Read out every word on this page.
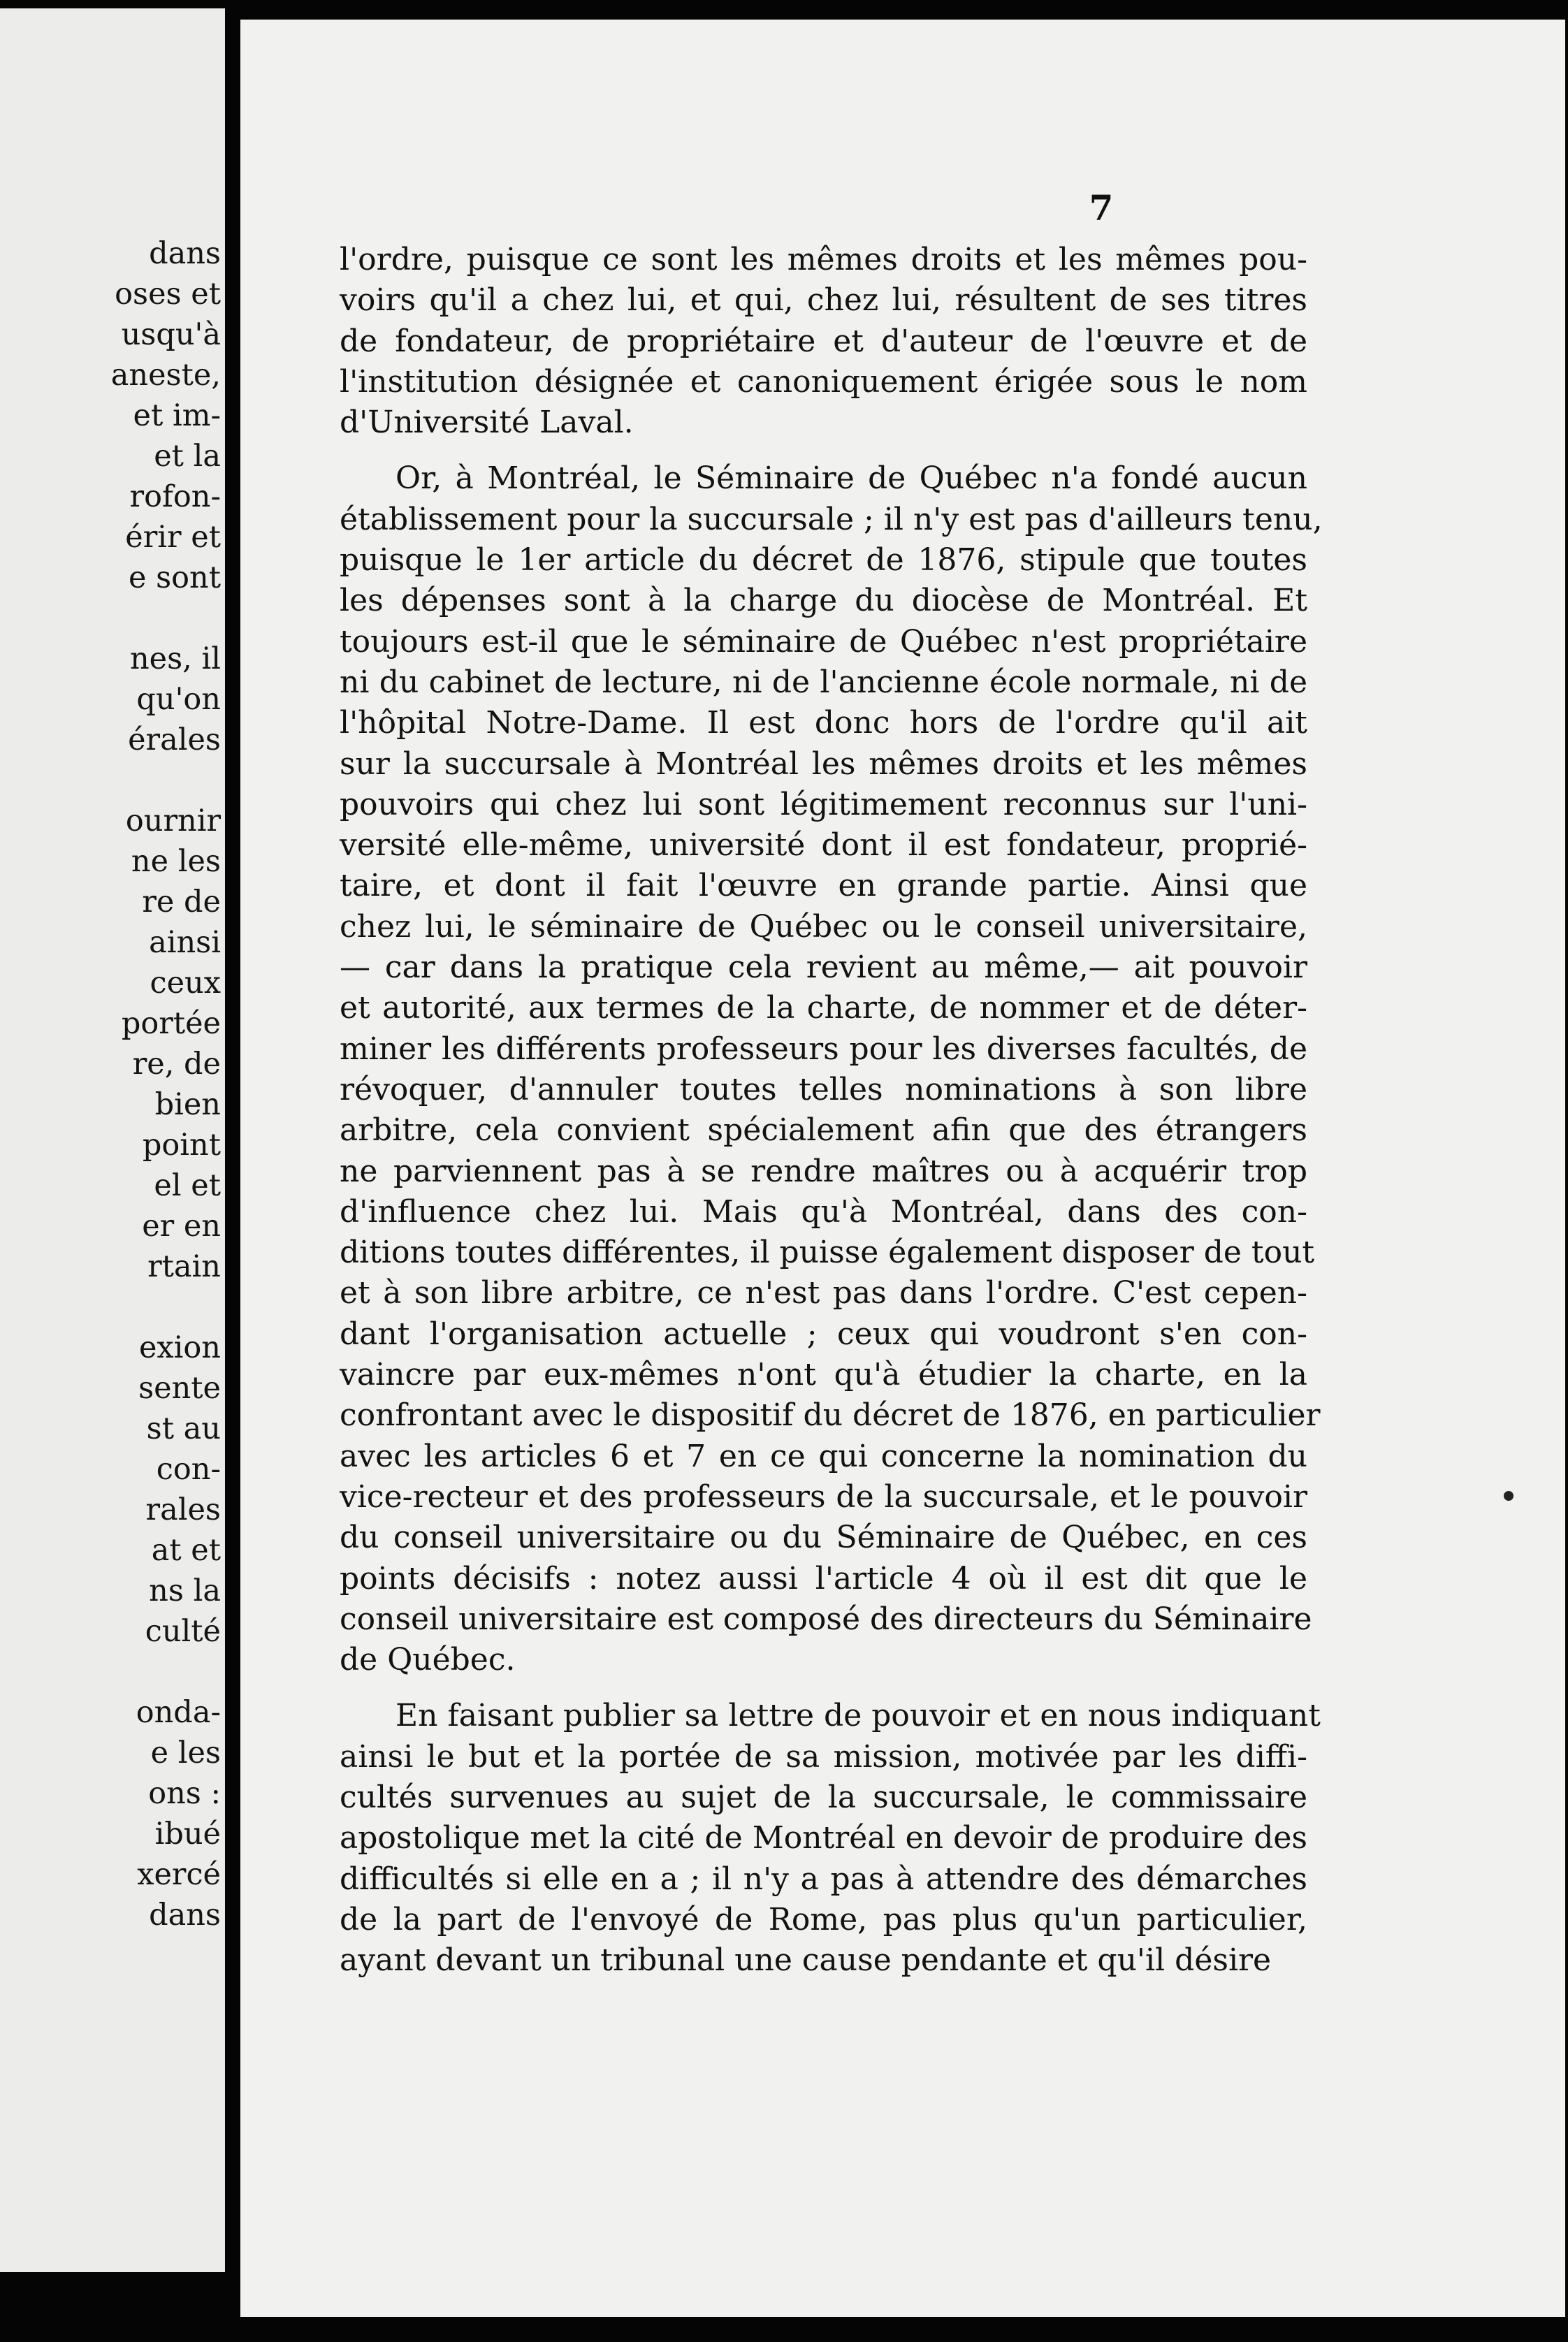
dans
oses et
usqu'à
aneste,
et im-
et la
rofon-
érir et
e sont
nes, il
qu'on
érales
ournir
ne les
re de
ainsi
ceux
portée
re, de
bien
point
el et
er en
rtain
exion
sente
st au
con-
rales
at et
ns la
culté
onda-
e les
ons :
ibué
xercé
dans
7
l'ordre, puisque ce sont les mêmes droits et les mêmes pou-
voirs qu'il a chez lui, et qui, chez lui, résultent de ses titres
de fondateur, de propriétaire et d'auteur de l'œuvre et de
l'institution désignée et canoniquement érigée sous le nom
d'Université Laval.
Or, à Montréal, le Séminaire de Québec n'a fondé aucun
établissement pour la succursale ; il n'y est pas d'ailleurs tenu,
puisque le 1er article du décret de 1876, stipule que toutes
les dépenses sont à la charge du diocèse de Montréal. Et
toujours est-il que le séminaire de Québec n'est propriétaire
ni du cabinet de lecture, ni de l'ancienne école normale, ni de
l'hôpital Notre-Dame. Il est donc hors de l'ordre qu'il ait
sur la succursale à Montréal les mêmes droits et les mêmes
pouvoirs qui chez lui sont légitimement reconnus sur l'uni-
versité elle-même, université dont il est fondateur, proprié-
taire, et dont il fait l'œuvre en grande partie. Ainsi que
chez lui, le séminaire de Québec ou le conseil universitaire,
— car dans la pratique cela revient au même,— ait pouvoir
et autorité, aux termes de la charte, de nommer et de déter-
miner les différents professeurs pour les diverses facultés, de
révoquer, d'annuler toutes telles nominations à son libre
arbitre, cela convient spécialement afin que des étrangers
ne parviennent pas à se rendre maîtres ou à acquérir trop
d'influence chez lui. Mais qu'à Montréal, dans des con-
ditions toutes différentes, il puisse également disposer de tout
et à son libre arbitre, ce n'est pas dans l'ordre. C'est cepen-
dant l'organisation actuelle ; ceux qui voudront s'en con-
vaincre par eux-mêmes n'ont qu'à étudier la charte, en la
confrontant avec le dispositif du décret de 1876, en particulier
avec les articles 6 et 7 en ce qui concerne la nomination du
vice-recteur et des professeurs de la succursale, et le pouvoir
du conseil universitaire ou du Séminaire de Québec, en ces
points décisifs : notez aussi l'article 4 où il est dit que le
conseil universitaire est composé des directeurs du Séminaire
de Québec.
En faisant publier sa lettre de pouvoir et en nous indiquant
ainsi le but et la portée de sa mission, motivée par les diffi-
cultés survenues au sujet de la succursale, le commissaire
apostolique met la cité de Montréal en devoir de produire des
difficultés si elle en a ; il n'y a pas à attendre des démarches
de la part de l'envoyé de Rome, pas plus qu'un particulier,
ayant devant un tribunal une cause pendante et qu'il désire
